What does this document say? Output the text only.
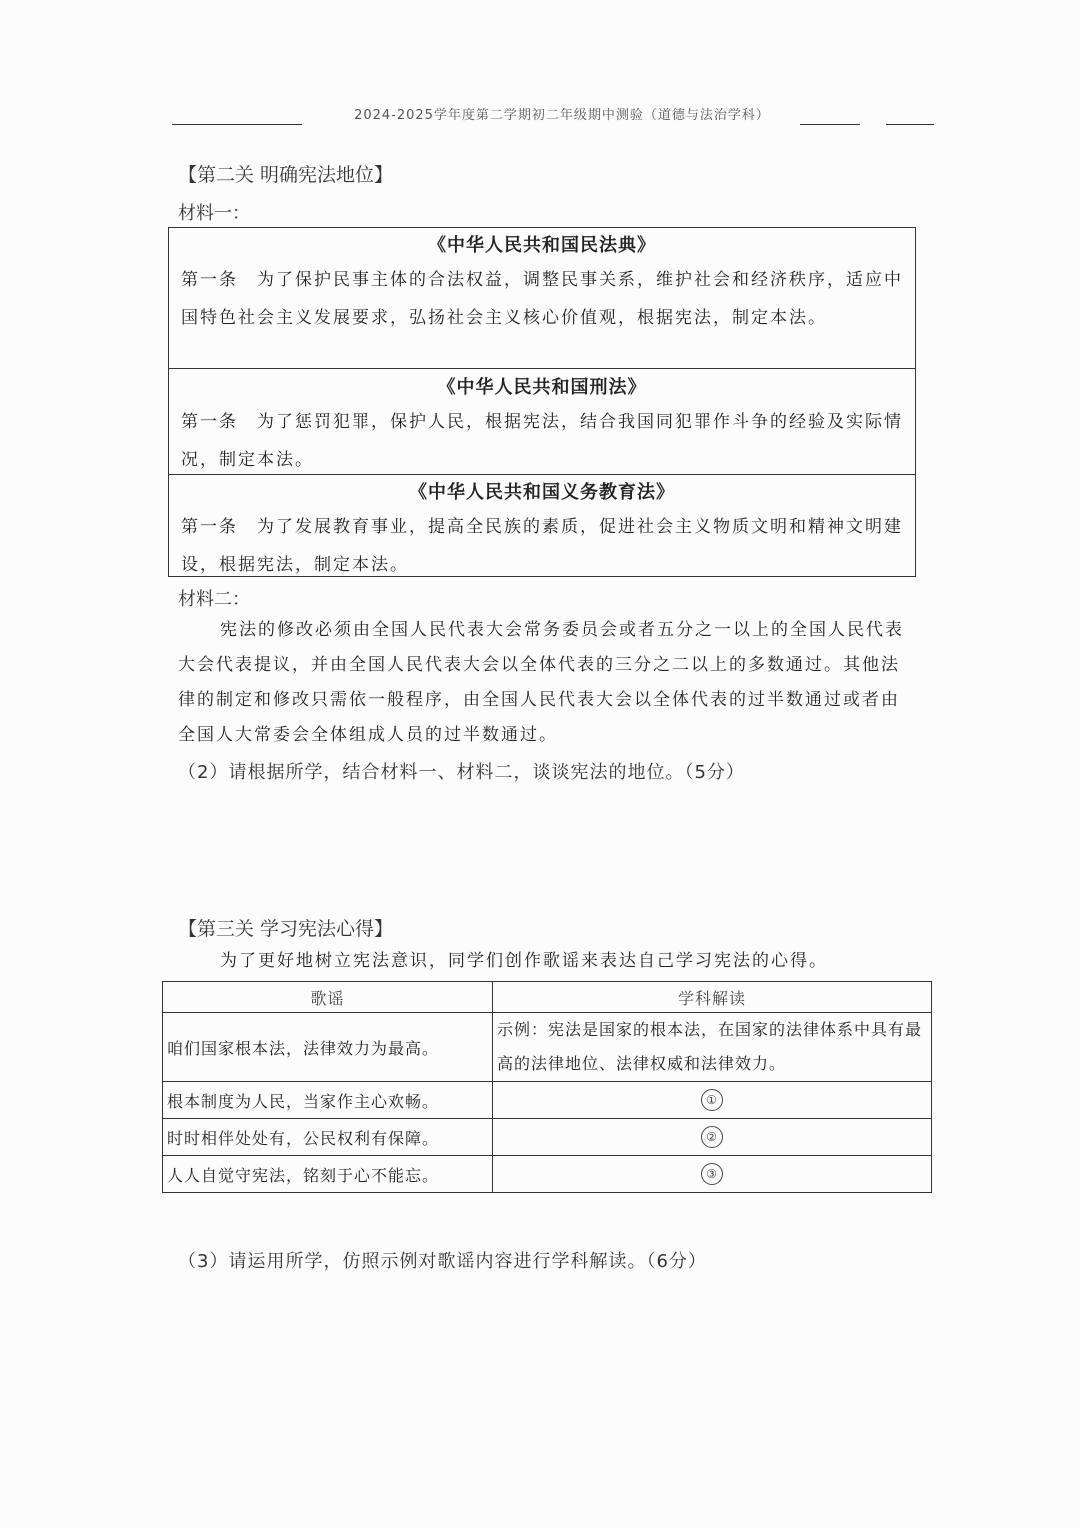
2024-2025学年度第二学期初二年级期中测验（道德与法治学科）
【第二关 明确宪法地位】
材料一：
《中华人民共和国民法典》
第一条　为了保护民事主体的合法权益，调整民事关系，维护社会和经济秩序，适应中国特色社会主义发展要求，弘扬社会主义核心价值观，根据宪法，制定本法。
《中华人民共和国刑法》
第一条　为了惩罚犯罪，保护人民，根据宪法，结合我国同犯罪作斗争的经验及实际情况，制定本法。
《中华人民共和国义务教育法》
第一条　为了发展教育事业，提高全民族的素质，促进社会主义物质文明和精神文明建设，根据宪法，制定本法。
材料二：
宪法的修改必须由全国人民代表大会常务委员会或者五分之一以上的全国人民代表大会代表提议，并由全国人民代表大会以全体代表的三分之二以上的多数通过。其他法律的制定和修改只需依一般程序，由全国人民代表大会以全体代表的过半数通过或者由全国人大常委会全体组成人员的过半数通过。
（2）请根据所学，结合材料一、材料二，谈谈宪法的地位。（5分）
【第三关 学习宪法心得】
为了更好地树立宪法意识，同学们创作歌谣来表达自己学习宪法的心得。
歌谣	学科解读
咱们国家根本法，法律效力为最高。	示例：宪法是国家的根本法，在国家的法律体系中具有最高的法律地位、法律权威和法律效力。
根本制度为人民，当家作主心欢畅。	①
时时相伴处处有，公民权利有保障。	②
人人自觉守宪法，铭刻于心不能忘。	③
（3）请运用所学，仿照示例对歌谣内容进行学科解读。（6分）
